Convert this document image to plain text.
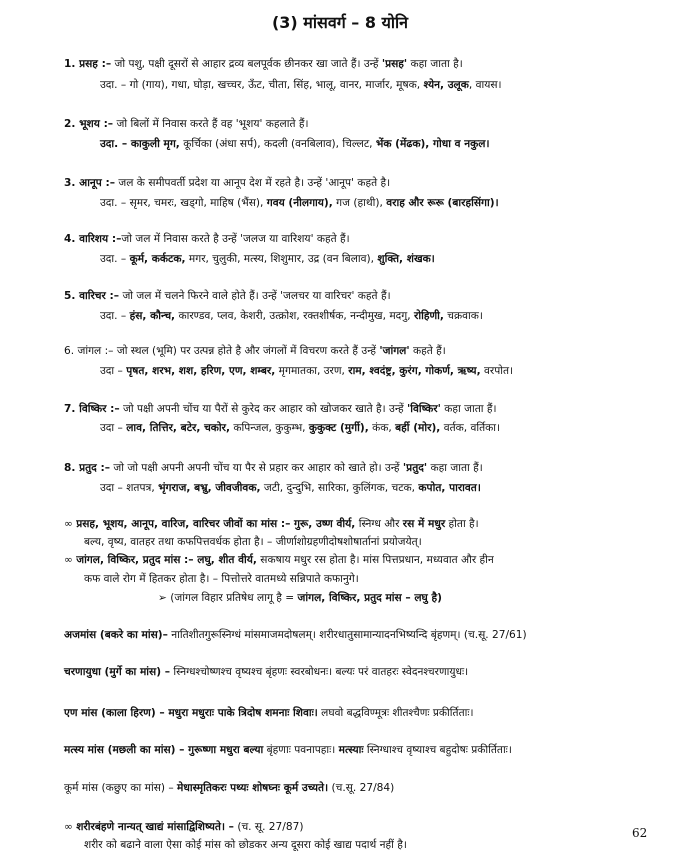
(3) मांसवर्ग – 8 योनि
1. प्रसह :– जो पशु, पक्षी दूसरों से आहार द्रव्य बलपूर्वक छीनकर खा जाते हैं। उन्हें 'प्रसह' कहा जाता है।
उदा. – गो (गाय), गधा, घोड़ा, खच्चर, ऊँट, चीता, सिंह, भालू, वानर, मार्जार, मूषक, श्येन, उलूक, वायस।
2. भूशय :– जो बिलों में निवास करते हैं वह 'भूशय' कहलाते हैं।
उदा. – काकुली मृग, कूर्चिका (अंधा सर्प), कदली (वनबिलाव), चिल्लट, भेंक (मेंढक), गोधा व नकुल।
3. आनूप :– जल के समीपवर्ती प्रदेश या आनूप देश में रहते है। उन्हें 'आनूप' कहते है।
उदा. – सृमर, चमरः, खड्गो, माहिष (भैंस), गवय (नीलगाय), गज (हाथी), वराह और रूरू (बारहसिंगा)।
4. वारिशय :–जो जल में निवास करते है उन्हें 'जलज या वारिशय' कहते हैं।
उदा. – कूर्म, कर्कटक, मगर, चुलुकी, मत्स्य, शिशुमार, उद्र (वन बिलाव), शुक्ति, शंखक।
5. वारिचर :– जो जल में चलने फिरने वाले होते हैं। उन्हें 'जलचर या वारिचर' कहते हैं।
उदा. – हंस, कौन्च, कारण्डव, प्लव, केशरी, उत्क्रोश, रक्तशीर्षक, नन्दीमुख, मदगु, रोहिणी, चक्रवाक।
6. जांगल :– जो स्थल (भूमि) पर उत्पन्न होते है और जंगलों में विचरण करते हैं उन्हें 'जांगल' कहते हैं।
उदा – पृषत, शरभ, शश, हरिण, एण, शम्बर, मृगमातका, उरण, राम, श्वदंष्ट्र, कुरंग, गोकर्ण, ऋष्य, वरपोत।
7. विष्किर :– जो पक्षी अपनी चोंच या पैरों से कुरेद कर आहार को खोजकर खाते है। उन्हें 'विष्किर' कहा जाता हैं।
उदा – लाव, तित्तिर, बटेर, चकोर, कपिन्जल, कुकुम्भ, कुकुक्ट (मुर्गी), कंक, बर्ही (मोर), वर्तक, वर्तिका।
8. प्रतुद :– जो जो पक्षी अपनी अपनी चोंच या पैर से प्रहार कर आहार को खाते हो। उन्हें 'प्रतुद' कहा जाता हैं।
उदा – शतपत्र, भृंगराज, बभ्रु, जीवजीवक, जटी, दुन्दुभि, सारिका, कुलिंगक, चटक, कपोत, पारावत।
∞ प्रसह, भूशय, आनूप, वारिज, वारिचर जीवों का मांस :– गुरू, उष्ण वीर्य, स्निग्ध और रस में मधुर होता है।
बल्य, वृष्य, वातहर तथा कफपित्तवर्धक होता है। – जीर्णाशोग्रहणीदोषशोषार्तानां प्रयोजयेत्।
∞ जांगल, विष्किर, प्रतुद मांस :– लघु, शीत वीर्य, सकषाय मधुर रस होता है। मांस पित्तप्रधान, मध्यवात और हीन
कफ वाले रोग में हितकर होता है। – पित्तोत्तरे वातमध्ये सन्निपाते कफानुगे।
➢ (जांगल विहार प्रतिषेध लागू है = जांगल, विष्किर, प्रतुद मांस – लघु है)
अजमांस (बकरे का मांस)– नातिशीतगुरूस्निग्धं मांसमाजमदोषलम्। शरीरधातुसामान्यादनभिष्यन्दि बृंहणम्। (च.सू. 27/61)
चरणायुधा (मुर्गे का मांस) – स्निग्धश्चोष्णश्च वृष्यश्च बृंहणः स्वरबोधनः। बल्यः परं वातहरः स्वेदनश्चरणायुधः।
एण मांस (काला हिरण) – मधुरा मधुराः पाके त्रिदोष शमनाः शिवाः। लघवो बद्धविण्मूत्रः शीतश्चैणः प्रकीर्तिताः।
मत्स्य मांस (मछली का मांस) – गुरूष्णा मधुरा बल्या बृंहणाः पवनापहाः। मत्स्याः स्निग्धाश्च वृष्याश्च बहुदोषः प्रकीर्तिताः।
कूर्म मांस (कछुए का मांस) – मेधास्मृतिकरः पथ्यः शोषघ्नः कूर्म उच्यते। (च.सू. 27/84)
∞ शरीरबंहणे नान्यत् खाद्यं मांसाद्विशिष्यते। – (च. सू. 27/87)
शरीर को बढाने वाला ऐसा कोई मांस को छोडकर अन्य दूसरा कोई खाद्य पदार्थ नहीं है।
62
